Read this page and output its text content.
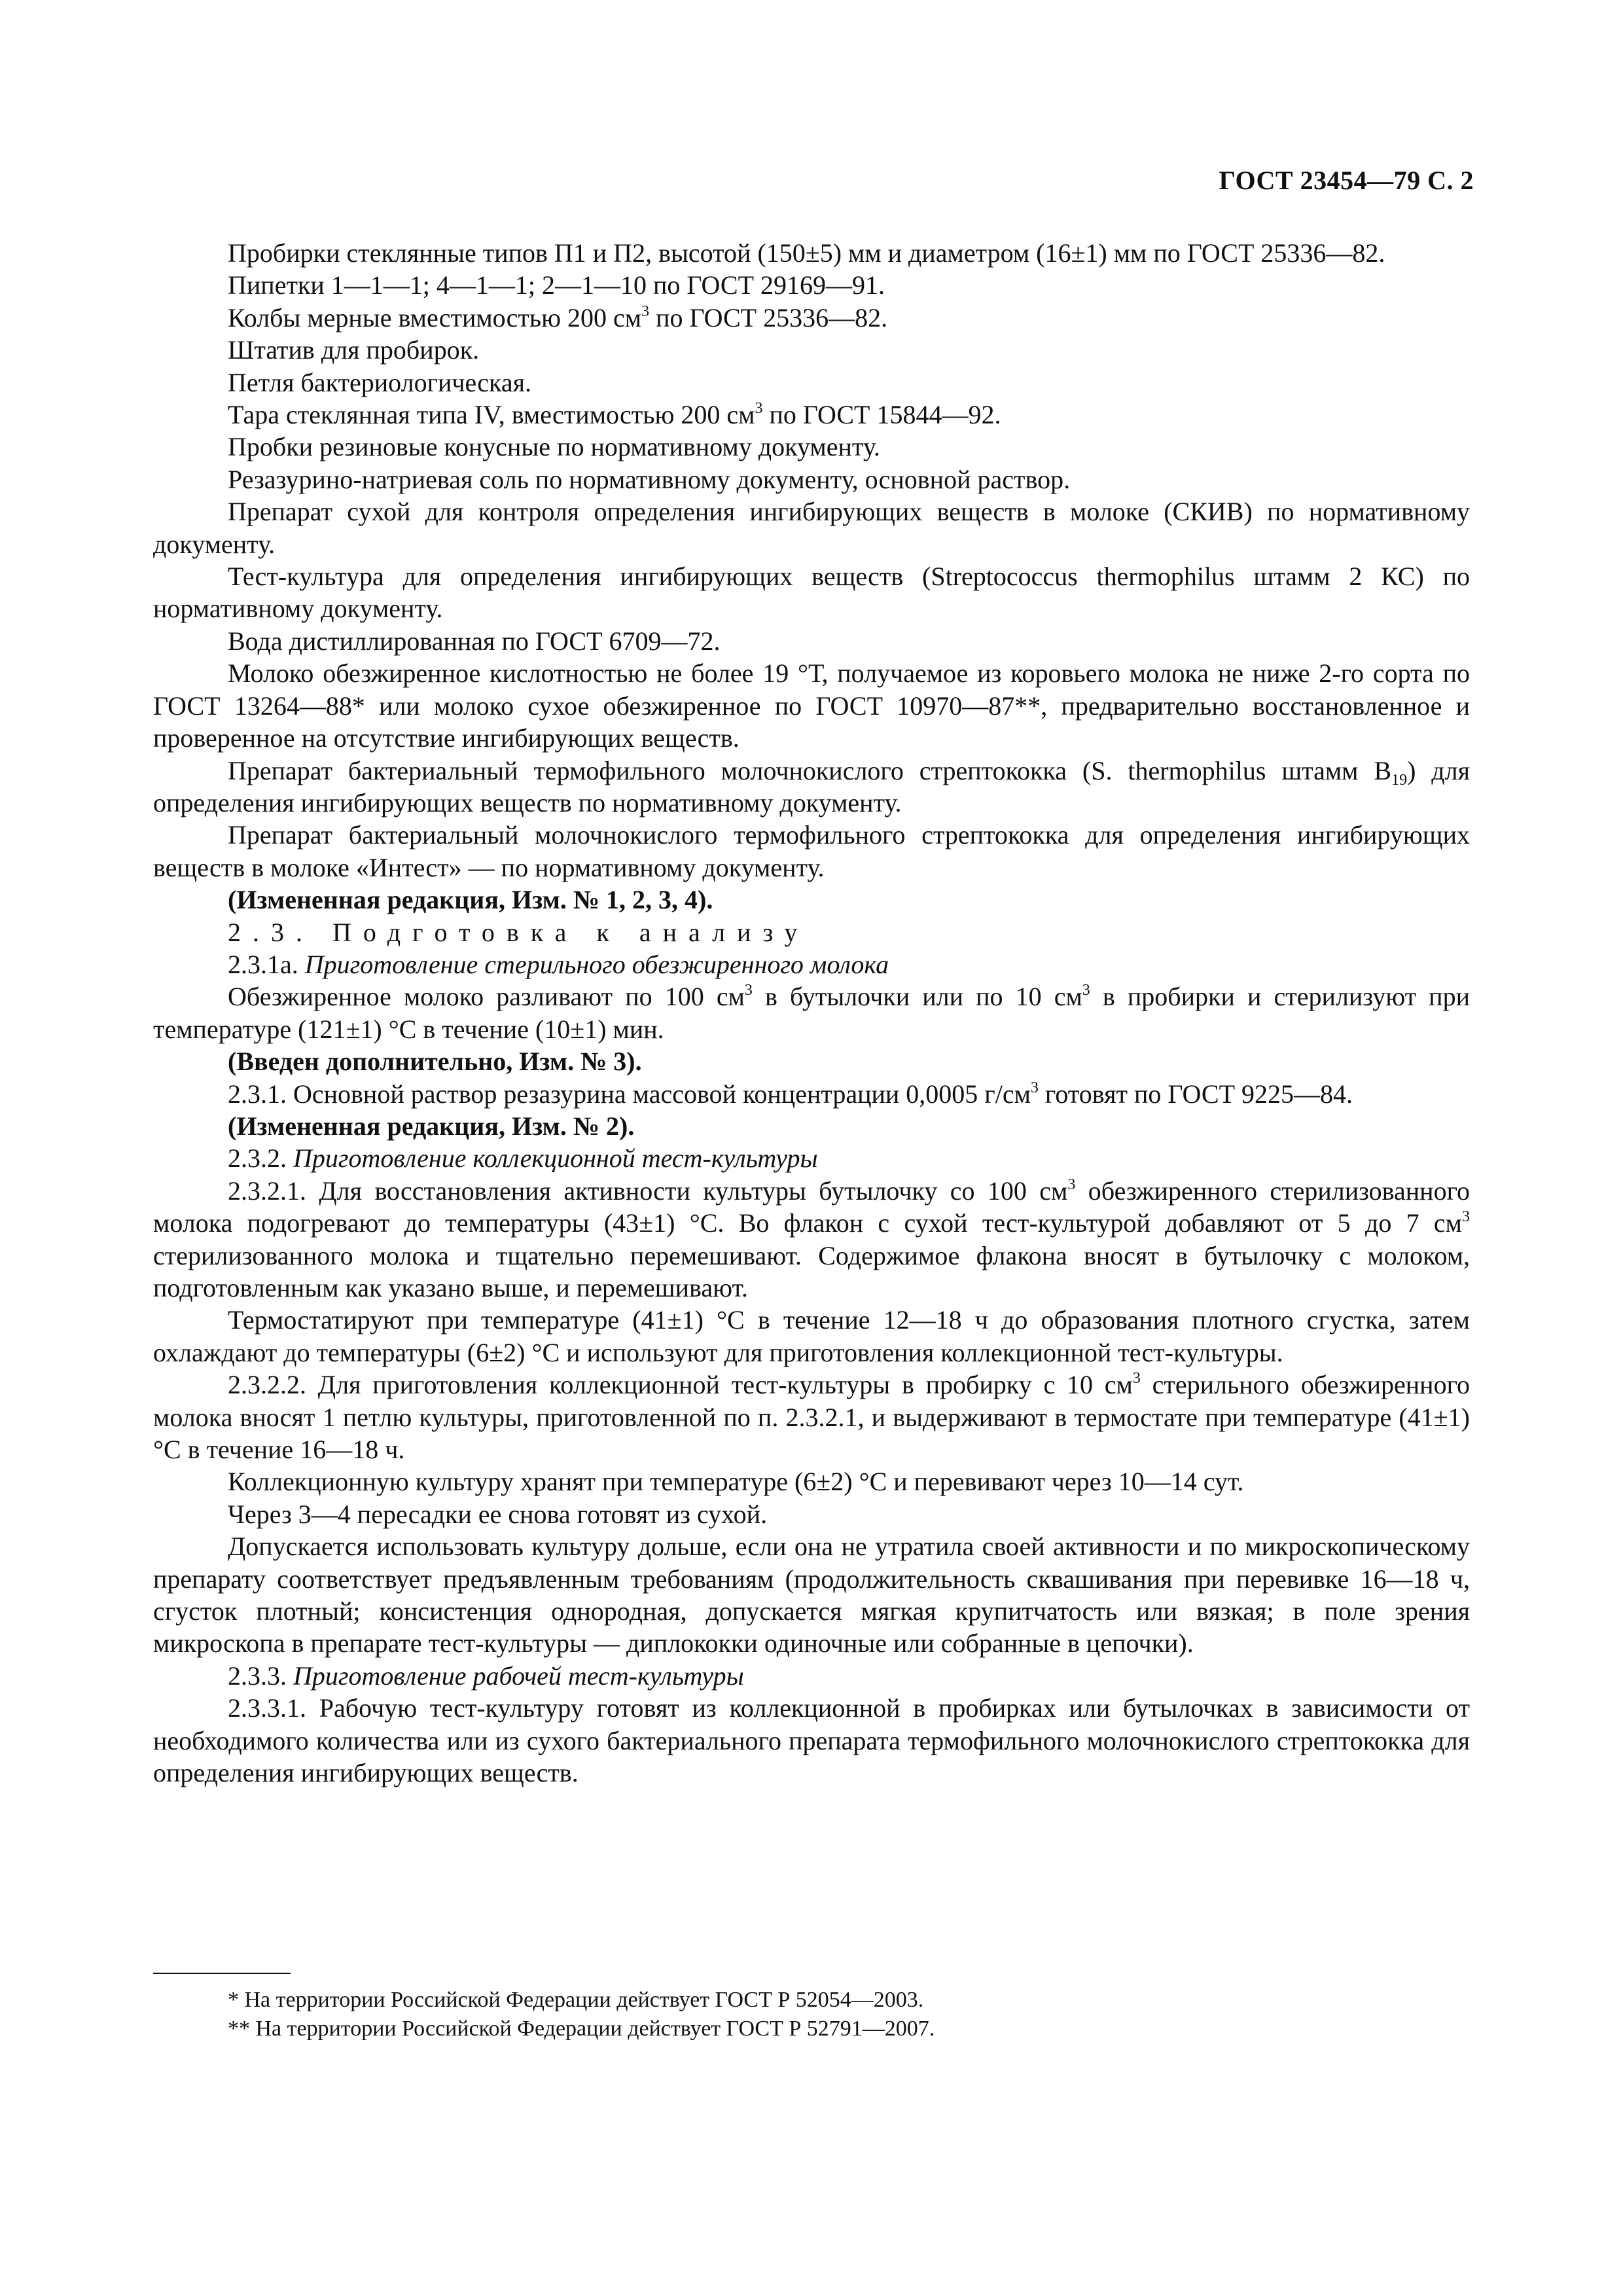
ГОСТ 23454—79 С. 2

Пробирки стеклянные типов П1 и П2, высотой (150±5) мм и диаметром (16±1) мм по ГОСТ 25336—82.

Пипетки 1—1—1; 4—1—1; 2—1—10 по ГОСТ 29169—91.

Колбы мерные вместимостью 200 $см^3$ по ГОСТ 25336—82.

Штатив для пробирок.

Петля бактериологическая.

Тара стеклянная типа IV, вместимостью 200 $см^3$ по ГОСТ 15844—92.

Пробки резиновые конусные по нормативному документу.

Резазурино-натриевая соль по нормативному документу, основной раствор.

Препарат сухой для контроля определения ингибирующих веществ в молоке (СКИВ) по нормативному документу.

Тест-культура для определения ингибирующих веществ (Streptococcus thermophilus штамм 2 КС) по нормативному документу.

Вода дистиллированная по ГОСТ 6709—72.

Молоко обезжиренное кислотностью не более 19 °Т, получаемое из коровьего молока не ниже 2-го сорта по ГОСТ 13264—88* или молоко сухое обезжиренное по ГОСТ 10970—87**, предварительно восстановленное и проверенное на отсутствие ингибирующих веществ.

Препарат бактериальный термофильного молочнокислого стрептококка (S. thermophilus штамм $B_{19}$) для определения ингибирующих веществ по нормативному документу.

Препарат бактериальный молочнокислого термофильного стрептококка для определения ингибирующих веществ в молоке «Интест» — по нормативному документу.

(Измененная редакция, Изм. № 1, 2, 3, 4).

2.3. Подготовка к анализу

2.3.1а. Приготовление стерильного обезжиренного молока

Обезжиренное молоко разливают по 100 $см^3$ в бутылочки или по 10 $см^3$ в пробирки и стерилизуют при температуре (121±1) °С в течение (10±1) мин.

(Введен дополнительно, Изм. № 3).

2.3.1. Основной раствор резазурина массовой концентрации 0,0005 $г/см^3$ готовят по ГОСТ 9225—84.

(Измененная редакция, Изм. № 2).

2.3.2. Приготовление коллекционной тест-культуры

2.3.2.1. Для восстановления активности культуры бутылочку со 100 $см^3$ обезжиренного стерилизованного молока подогревают до температуры (43±1) °С. Во флакон с сухой тест-культурой добавляют от 5 до 7 $см^3$ стерилизованного молока и тщательно перемешивают. Содержимое флакона вносят в бутылочку с молоком, подготовленным как указано выше, и перемешивают.

Термостатируют при температуре (41±1) °С в течение 12—18 ч до образования плотного сгустка, затем охлаждают до температуры (6±2) °С и используют для приготовления коллекционной тест-культуры.

2.3.2.2. Для приготовления коллекционной тест-культуры в пробирку с 10 $см^3$ стерильного обезжиренного молока вносят 1 петлю культуры, приготовленной по п. 2.3.2.1, и выдерживают в термостате при температуре (41±1) °С в течение 16—18 ч.

Коллекционную культуру хранят при температуре (6±2) °С и перевивают через 10—14 сут.

Через 3—4 пересадки ее снова готовят из сухой.

Допускается использовать культуру дольше, если она не утратила своей активности и по микроскопическому препарату соответствует предъявленным требованиям (продолжительность сквашивания при перевивке 16—18 ч, сгусток плотный; консистенция однородная, допускается мягкая крупитчатость или вязкая; в поле зрения микроскопа в препарате тест-культуры — диплококки одиночные или собранные в цепочки).

2.3.3. Приготовление рабочей тест-культуры

2.3.3.1. Рабочую тест-культуру готовят из коллекционной в пробирках или бутылочках в зависимости от необходимого количества или из сухого бактериального препарата термофильного молочнокислого стрептококка для определения ингибирующих веществ.

* На территории Российской Федерации действует ГОСТ Р 52054—2003.

** На территории Российской Федерации действует ГОСТ Р 52791—2007.
